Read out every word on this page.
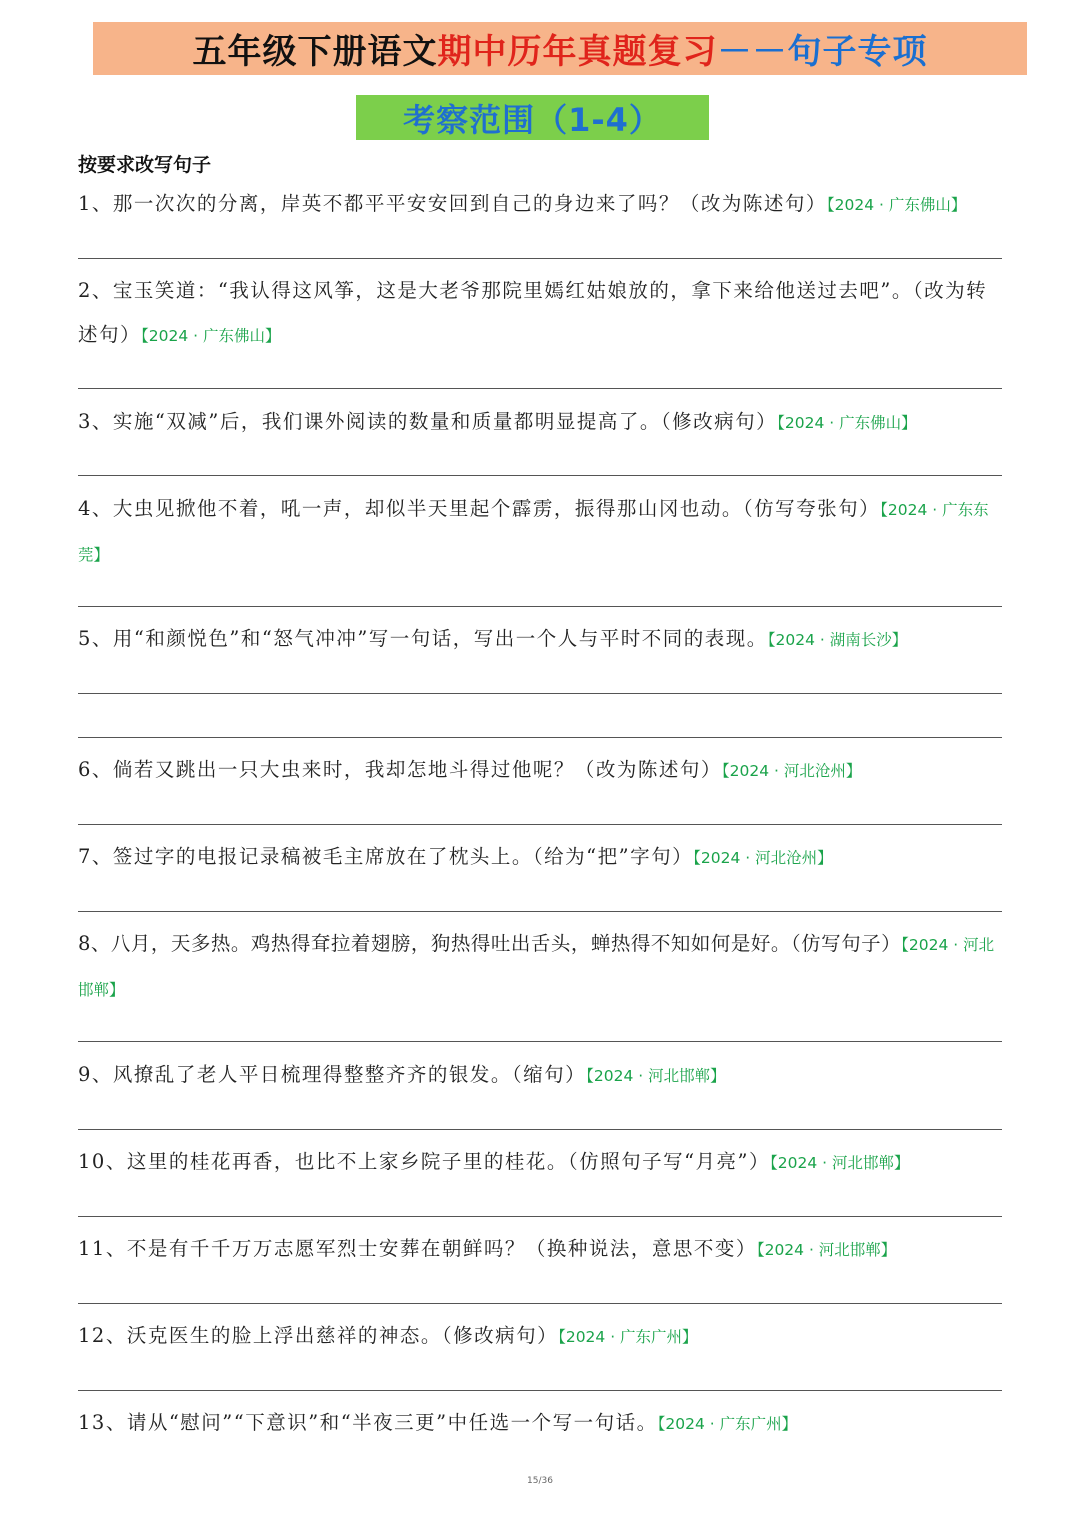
五年级下册语文 期中历年真题复习 －－句子专项
考察范围（1-4）
按要求改写句子
1、那一次次的分离，岸英不都平平安安回到自己的身边来了吗？（改为陈述句）【2024 · 广东佛山】
2、宝玉笑道：“我认得这风筝，这是大老爷那院里嫣红姑娘放的，拿下来给他送过去吧”。（改为转述句）【2024 · 广东佛山】
3、实施“双减”后，我们课外阅读的数量和质量都明显提高了。（修改病句）【2024 · 广东佛山】
4、大虫见掀他不着，吼一声，却似半天里起个霹雳，振得那山冈也动。（仿写夸张句）【2024 · 广东东莞】
5、用“和颜悦色”和“怒气冲冲”写一句话，写出一个人与平时不同的表现。【2024 · 湖南长沙】
6、倘若又跳出一只大虫来时，我却怎地斗得过他呢？（改为陈述句）【2024 · 河北沧州】
7、签过字的电报记录稿被毛主席放在了枕头上。（给为“把”字句）【2024 · 河北沧州】
8、八月，天多热。鸡热得耷拉着翅膀，狗热得吐出舌头，蝉热得不知如何是好。（仿写句子）【2024 · 河北邯郸】
9、风撩乱了老人平日梳理得整整齐齐的银发。（缩句）【2024 · 河北邯郸】
10、这里的桂花再香，也比不上家乡院子里的桂花。（仿照句子写“月亮”）【2024 · 河北邯郸】
11、不是有千千万万志愿军烈士安葬在朝鲜吗？（换种说法，意思不变）【2024 · 河北邯郸】
12、沃克医生的脸上浮出慈祥的神态。（修改病句）【2024 · 广东广州】
13、请从“慰问”“下意识”和“半夜三更”中任选一个写一句话。【2024 · 广东广州】
15/36
